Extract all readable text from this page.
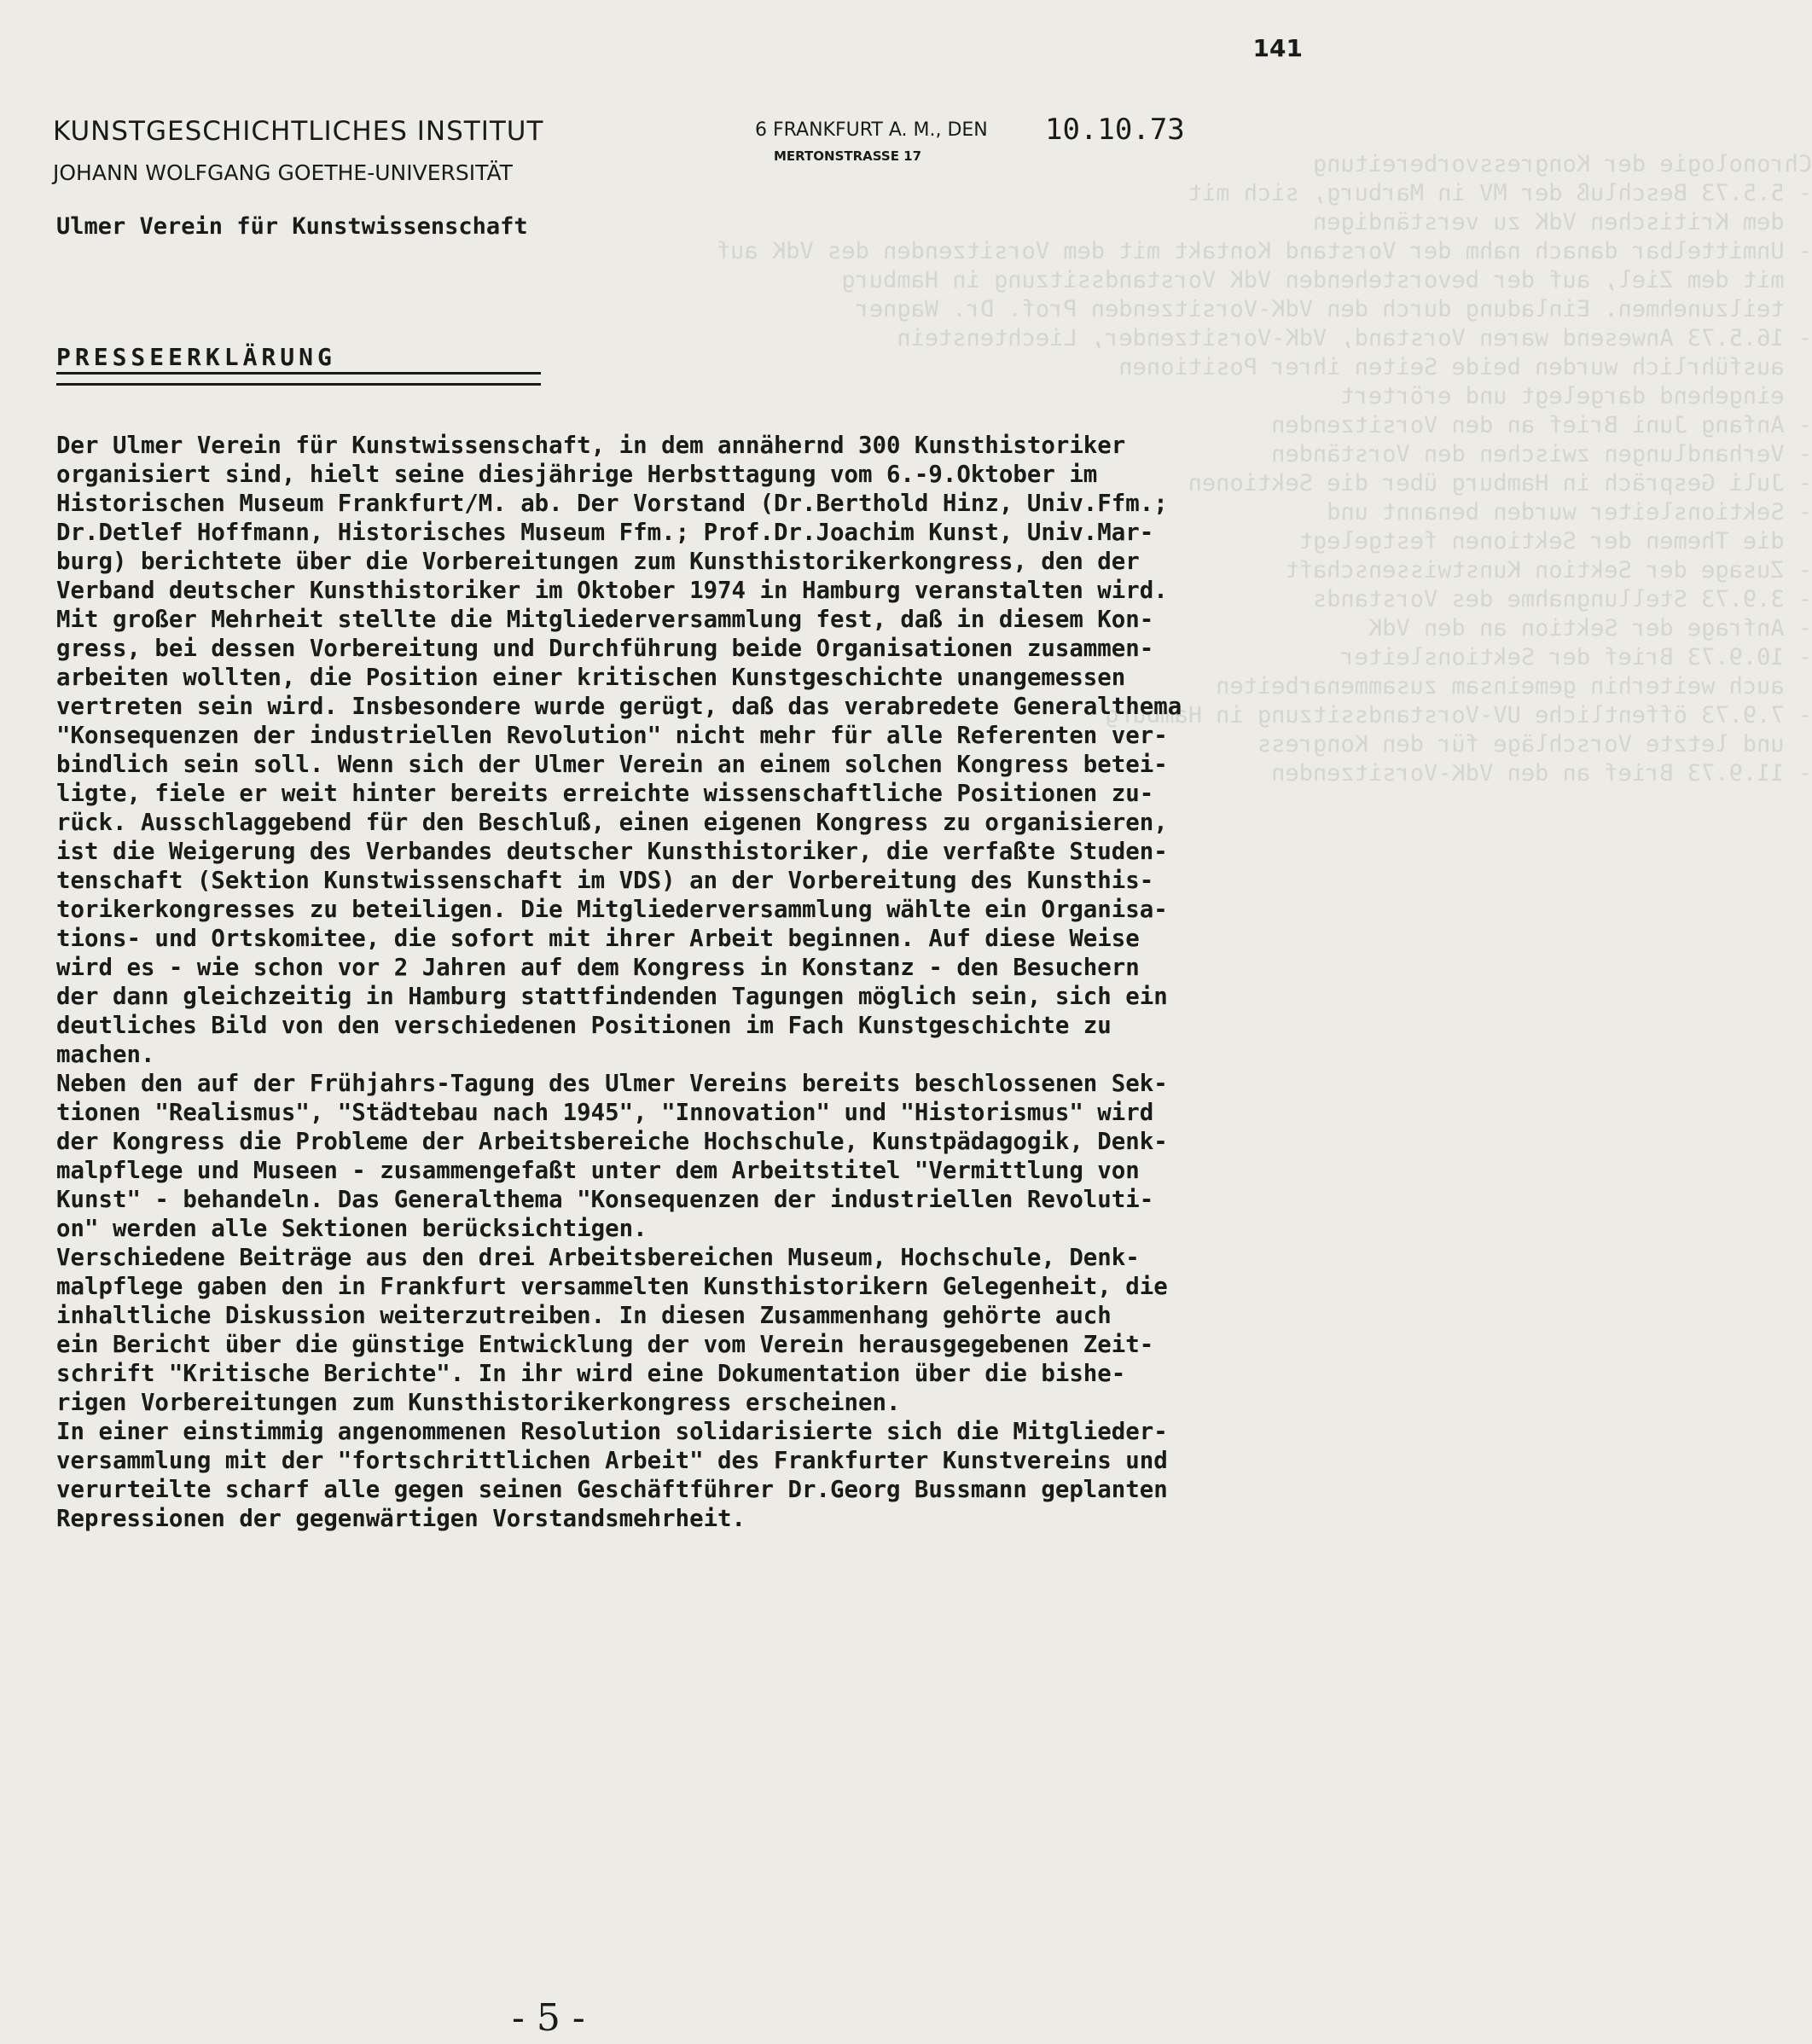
Chronologie der Kongressvorbereitung
- 5.5.73 Beschluß der MV in Marburg, sich mit
dem Kritischen VdK zu verständigen
- Unmittelbar danach nahm der Vorstand Kontakt mit dem Vorsitzenden des VdK auf
mit dem Ziel, auf der bevorstehenden VdK Vorstandssitzung in Hamburg
teilzunehmen. Einladung durch den VdK-Vorsitzenden Prof. Dr. Wagner
- 16.5.73 Anwesend waren Vorstand, VdK-Vorsitzender, Liechtenstein
ausführlich wurden beide Seiten ihrer Positionen
eingehend dargelegt und erörtert
- Anfang Juni Brief an den Vorsitzenden
- Verhandlungen zwischen den Vorständen
- Juli Gespräch in Hamburg über die Sektionen
- Sektionsleiter wurden benannt und
die Themen der Sektionen festgelegt
- Zusage der Sektion Kunstwissenschaft
- 3.9.73 Stellungnahme des Vorstands
- Anfrage der Sektion an den VdK
- 10.9.73 Brief der Sektionsleiter
auch weiterhin gemeinsam zusammenarbeiten
- 7.9.73 öffentliche UV-Vorstandssitzung in Hamburg
und letzte Vorschläge für den Kongress
- 11.9.73 Brief an den VdK-Vorsitzenden
141
KUNSTGESCHICHTLICHES INSTITUT
JOHANN WOLFGANG GOETHE-UNIVERSITÄT
6 FRANKFURT A. M., DEN 10.10.73
MERTONSTRASSE 17
Ulmer Verein für Kunstwissenschaft
PRESSEERKLÄRUNG
Der Ulmer Verein für Kunstwissenschaft, in dem annähernd 300 Kunsthistoriker
organisiert sind, hielt seine diesjährige Herbsttagung vom 6.-9.Oktober im
Historischen Museum Frankfurt/M. ab. Der Vorstand (Dr.Berthold Hinz, Univ.Ffm.;
Dr.Detlef Hoffmann, Historisches Museum Ffm.; Prof.Dr.Joachim Kunst, Univ.Mar-
burg) berichtete über die Vorbereitungen zum Kunsthistorikerkongress, den der
Verband deutscher Kunsthistoriker im Oktober 1974 in Hamburg veranstalten wird.
Mit großer Mehrheit stellte die Mitgliederversammlung fest, daß in diesem Kon-
gress, bei dessen Vorbereitung und Durchführung beide Organisationen zusammen-
arbeiten wollten, die Position einer kritischen Kunstgeschichte unangemessen
vertreten sein wird. Insbesondere wurde gerügt, daß das verabredete Generalthema
"Konsequenzen der industriellen Revolution" nicht mehr für alle Referenten ver-
bindlich sein soll. Wenn sich der Ulmer Verein an einem solchen Kongress betei-
ligte, fiele er weit hinter bereits erreichte wissenschaftliche Positionen zu-
rück. Ausschlaggebend für den Beschluß, einen eigenen Kongress zu organisieren,
ist die Weigerung des Verbandes deutscher Kunsthistoriker, die verfaßte Studen-
tenschaft (Sektion Kunstwissenschaft im VDS) an der Vorbereitung des Kunsthis-
torikerkongresses zu beteiligen. Die Mitgliederversammlung wählte ein Organisa-
tions- und Ortskomitee, die sofort mit ihrer Arbeit beginnen. Auf diese Weise
wird es - wie schon vor 2 Jahren auf dem Kongress in Konstanz - den Besuchern
der dann gleichzeitig in Hamburg stattfindenden Tagungen möglich sein, sich ein
deutliches Bild von den verschiedenen Positionen im Fach Kunstgeschichte zu
machen.
Neben den auf der Frühjahrs-Tagung des Ulmer Vereins bereits beschlossenen Sek-
tionen "Realismus", "Städtebau nach 1945", "Innovation" und "Historismus" wird
der Kongress die Probleme der Arbeitsbereiche Hochschule, Kunstpädagogik, Denk-
malpflege und Museen - zusammengefaßt unter dem Arbeitstitel "Vermittlung von
Kunst" - behandeln. Das Generalthema "Konsequenzen der industriellen Revoluti-
on" werden alle Sektionen berücksichtigen.
Verschiedene Beiträge aus den drei Arbeitsbereichen Museum, Hochschule, Denk-
malpflege gaben den in Frankfurt versammelten Kunsthistorikern Gelegenheit, die
inhaltliche Diskussion weiterzutreiben. In diesen Zusammenhang gehörte auch
ein Bericht über die günstige Entwicklung der vom Verein herausgegebenen Zeit-
schrift "Kritische Berichte". In ihr wird eine Dokumentation über die bishe-
rigen Vorbereitungen zum Kunsthistorikerkongress erscheinen.
In einer einstimmig angenommenen Resolution solidarisierte sich die Mitglieder-
versammlung mit der "fortschrittlichen Arbeit" des Frankfurter Kunstvereins und
verurteilte scharf alle gegen seinen Geschäftführer Dr.Georg Bussmann geplanten
Repressionen der gegenwärtigen Vorstandsmehrheit.
- 5 -
